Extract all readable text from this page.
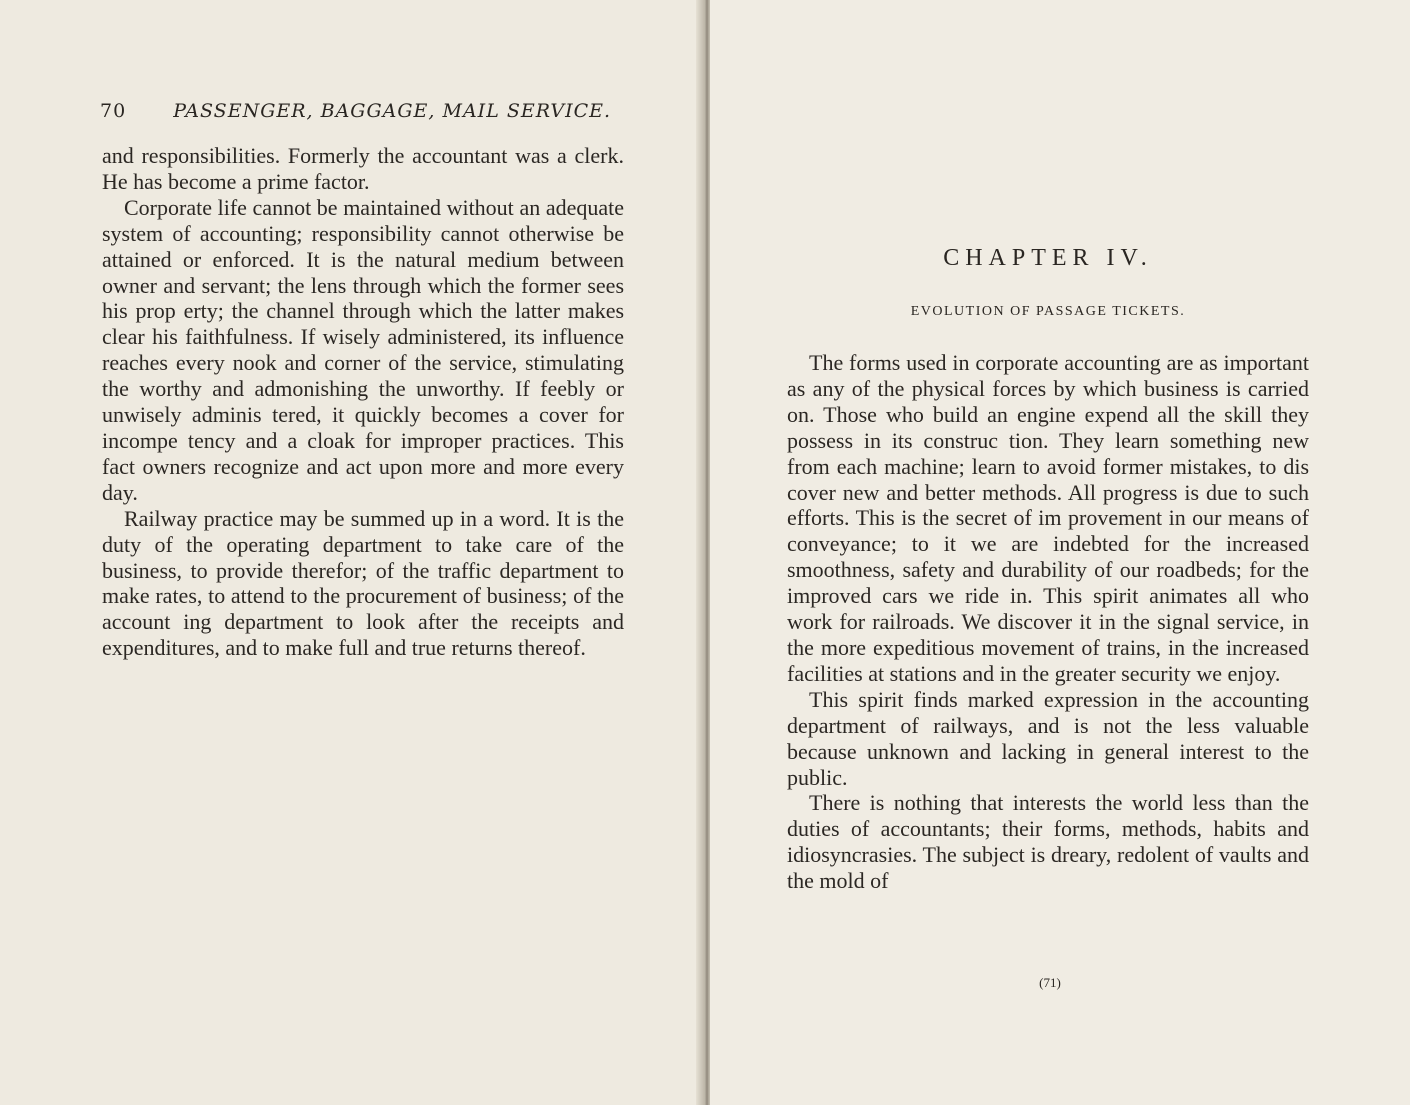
70 PASSENGER, BAGGAGE, MAIL SERVICE.

and responsibilities. Formerly the accountant was a clerk. He has become a prime factor.

Corporate life cannot be maintained without an adequate system of accounting; responsibility cannot otherwise be attained or enforced. It is the natural medium between owner and servant; the lens through which the former sees his prop erty; the channel through which the latter makes clear his faithfulness. If wisely administered, its influence reaches every nook and corner of the service, stimulating the worthy and admonishing the unworthy. If feebly or unwisely adminis tered, it quickly becomes a cover for incompe tency and a cloak for improper practices. This fact owners recognize and act upon more and more every day.

Railway practice may be summed up in a word. It is the duty of the operating department to take care of the business, to provide therefor; of the traffic department to make rates, to attend to the procurement of business; of the account ing department to look after the receipts and expenditures, and to make full and true returns thereof.

CHAPTER IV.
EVOLUTION OF PASSAGE TICKETS.

The forms used in corporate accounting are as important as any of the physical forces by which business is carried on. Those who build an engine expend all the skill they possess in its construc tion. They learn something new from each machine; learn to avoid former mistakes, to dis cover new and better methods. All progress is due to such efforts. This is the secret of im provement in our means of conveyance; to it we are indebted for the increased smoothness, safety and durability of our roadbeds; for the improved cars we ride in. This spirit animates all who work for railroads. We discover it in the signal service, in the more expeditious movement of trains, in the increased facilities at stations and in the greater security we enjoy.

This spirit finds marked expression in the accounting department of railways, and is not the less valuable because unknown and lacking in general interest to the public.

There is nothing that interests the world less than the duties of accountants; their forms, methods, habits and idiosyncrasies. The subject is dreary, redolent of vaults and the mold of

(71)
